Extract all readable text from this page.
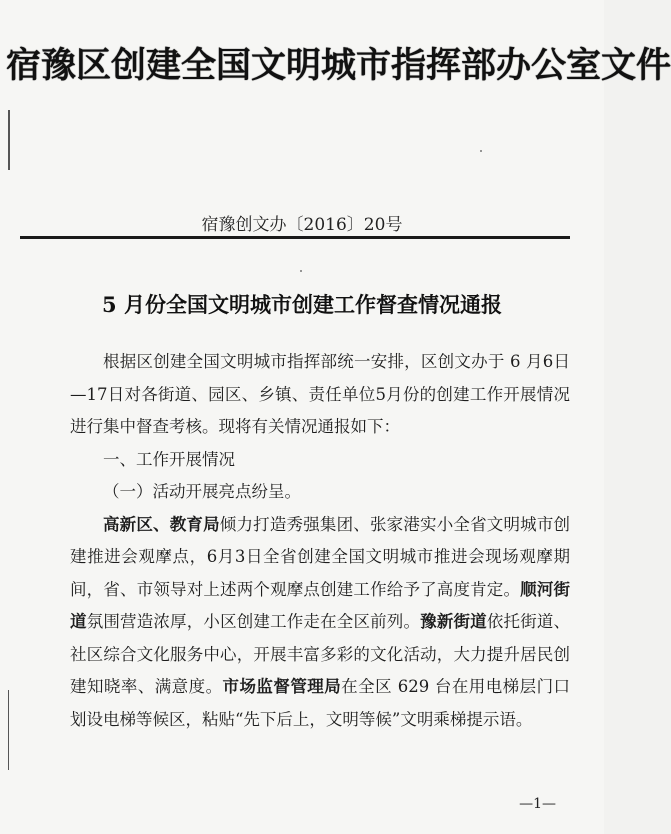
宿豫区创建全国文明城市指挥部办公室文件
宿豫创文办〔2016〕20号
5 月份全国文明城市创建工作督查情况通报

根据区创建全国文明城市指挥部统一安排，区创文办于 6 月6日—17日对各街道、园区、乡镇、责任单位5月份的创建工作开展情况进行集中督查考核。现将有关情况通报如下：

一、工作开展情况

（一）活动开展亮点纷呈。

高新区、教育局倾力打造秀强集团、张家港实小全省文明城市创建推进会观摩点，6月3日全省创建全国文明城市推进会现场观摩期间，省、市领导对上述两个观摩点创建工作给予了高度肯定。顺河街道氛围营造浓厚，小区创建工作走在全区前列。豫新街道依托街道、社区综合文化服务中心，开展丰富多彩的文化活动，大力提升居民创建知晓率、满意度。市场监督管理局在全区 629 台在用电梯层门口划设电梯等候区，粘贴“先下后上，文明等候”文明乘梯提示语。

—1—
